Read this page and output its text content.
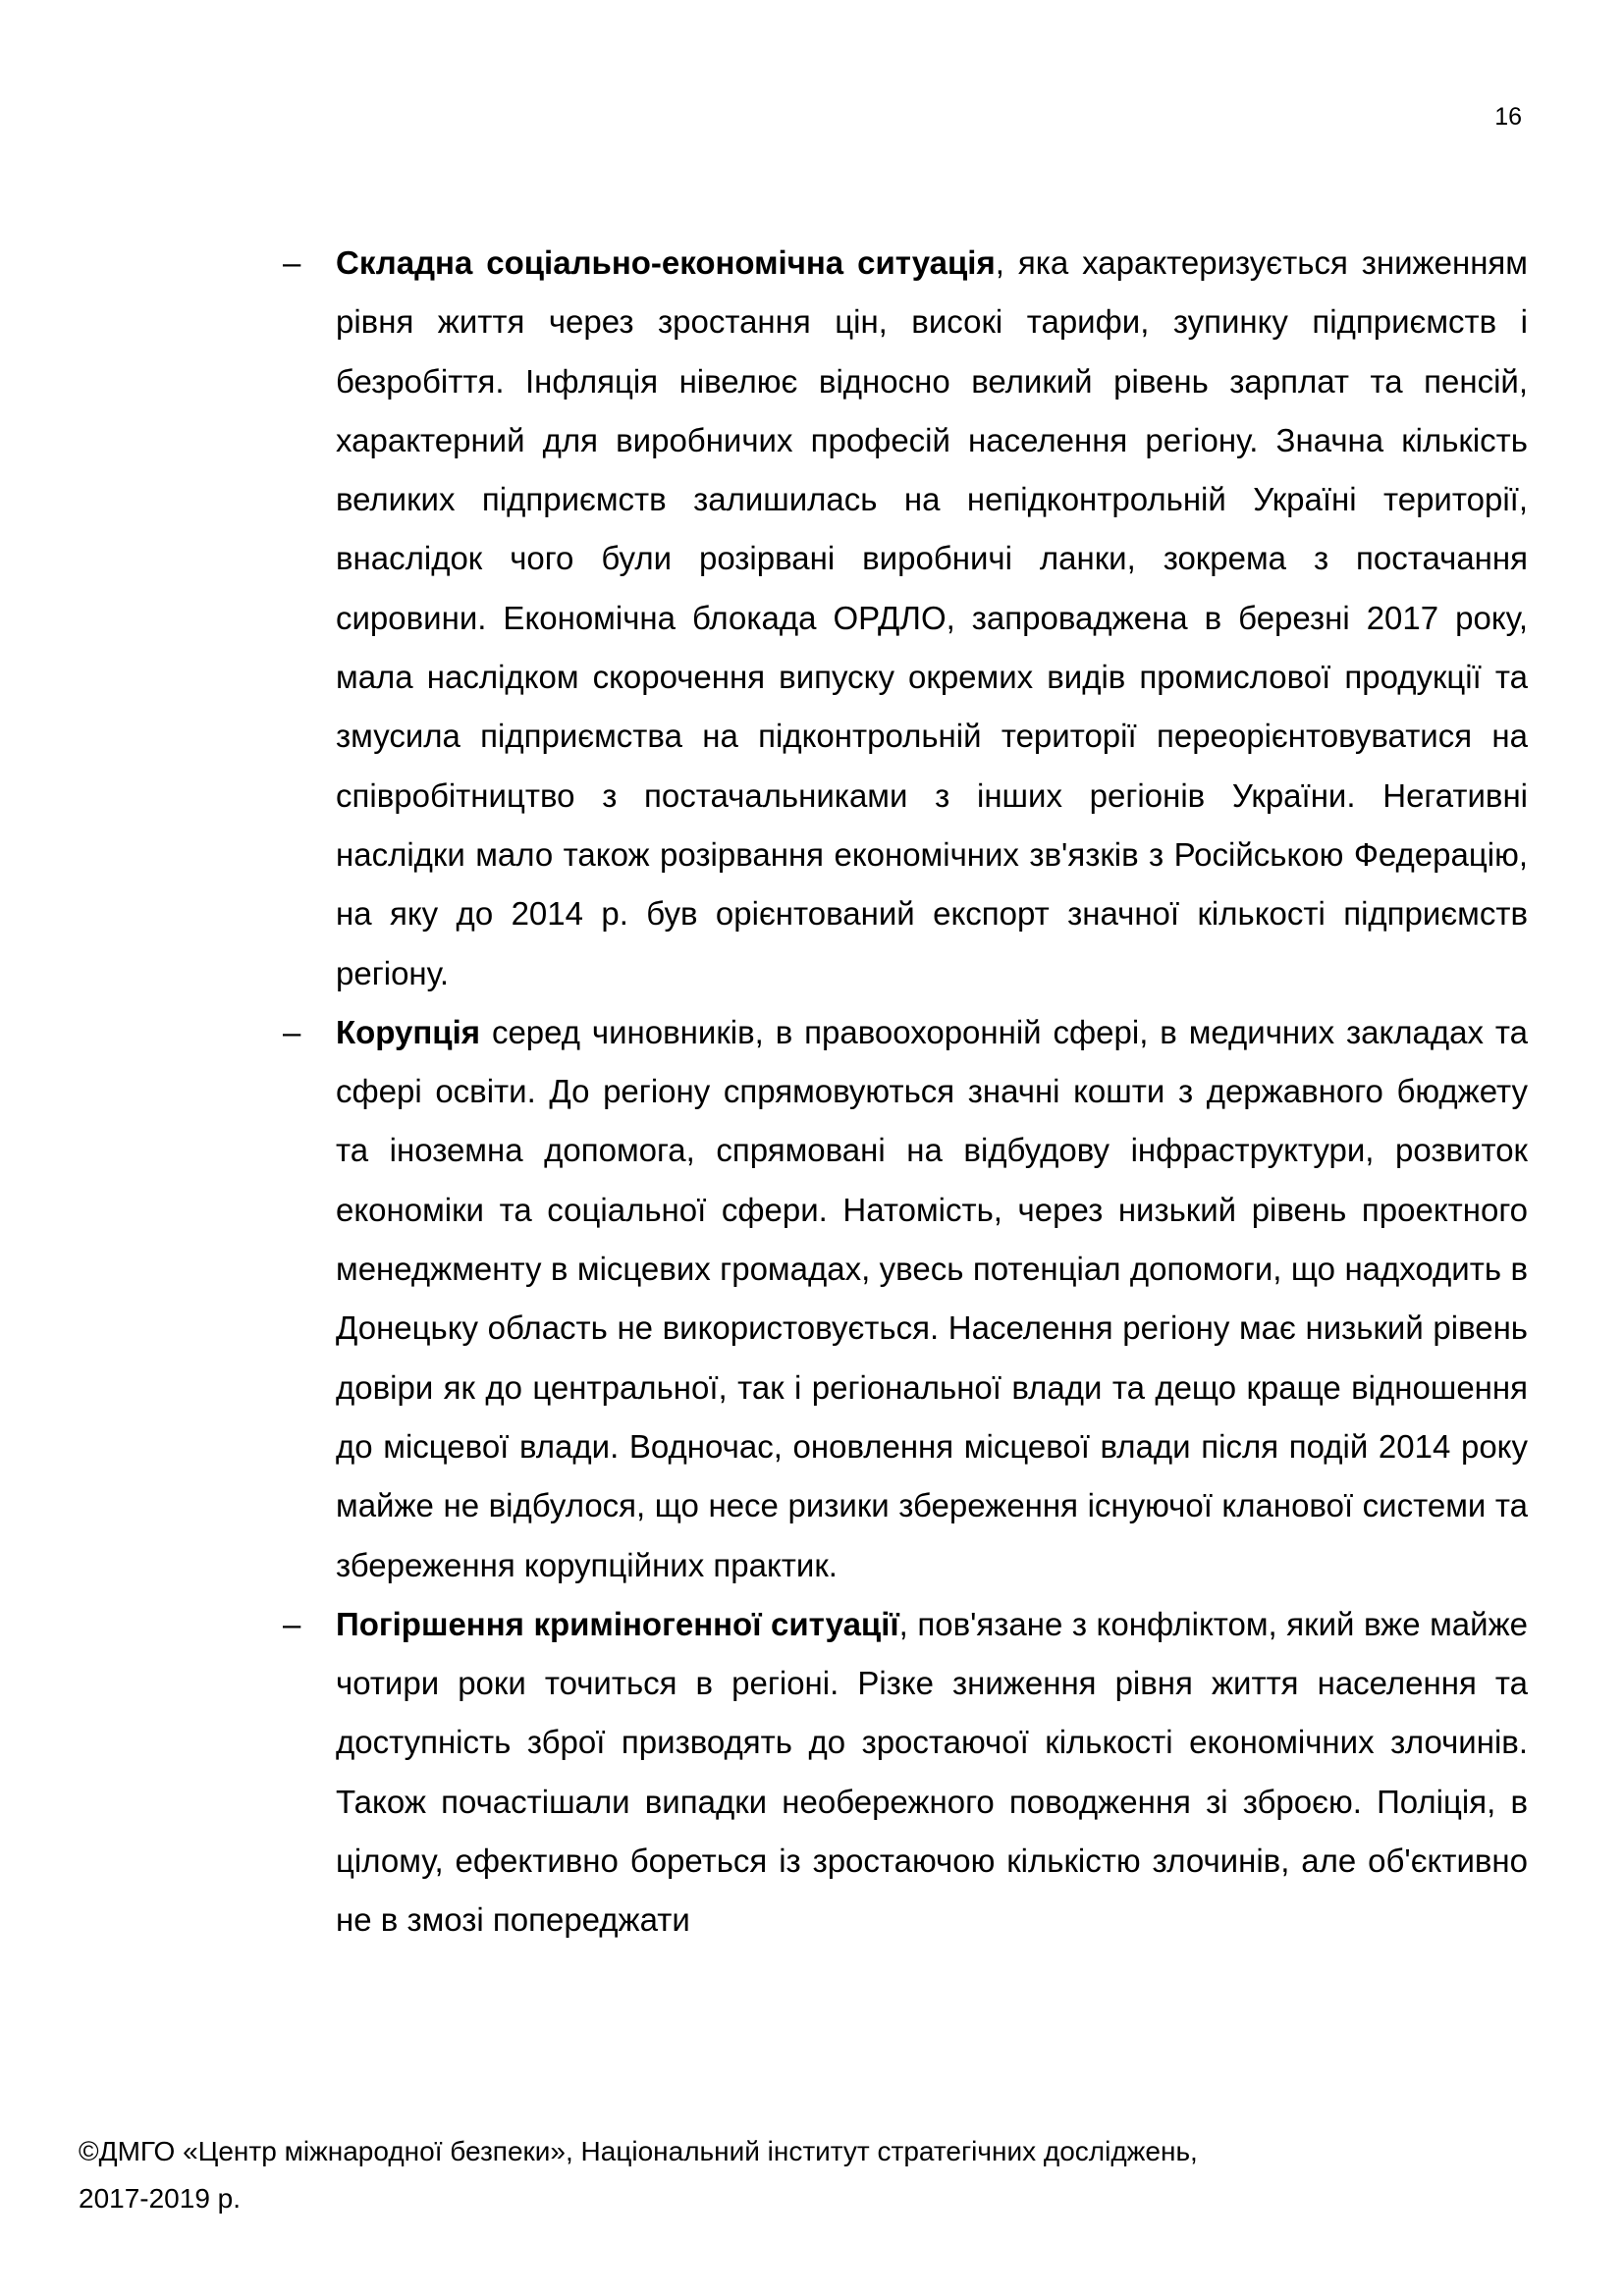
16
– Складна соціально-економічна ситуація, яка характеризується зниженням рівня життя через зростання цін, високі тарифи, зупинку підприємств і безробіття. Інфляція нівелює відносно великий рівень зарплат та пенсій, характерний для виробничих професій населення регіону. Значна кількість великих підприємств залишилась на непідконтрольній Україні території, внаслідок чого були розірвані виробничі ланки, зокрема з постачання сировини. Економічна блокада ОРДЛО, запроваджена в березні 2017 року, мала наслідком скорочення випуску окремих видів промислової продукції та змусила підприємства на підконтрольній території переорієнтовуватися на співробітництво з постачальниками з інших регіонів України. Негативні наслідки мало також розірвання економічних зв'язків з Російською Федерацію, на яку до 2014 р. був орієнтований експорт значної кількості підприємств регіону.
– Корупція серед чиновників, в правоохоронній сфері, в медичних закладах та сфері освіти. До регіону спрямовуються значні кошти з державного бюджету та іноземна допомога, спрямовані на відбудову інфраструктури, розвиток економіки та соціальної сфери. Натомість, через низький рівень проектного менеджменту в місцевих громадах, увесь потенціал допомоги, що надходить в Донецьку область не використовується. Населення регіону має низький рівень довіри як до центральної, так і регіональної влади та дещо краще відношення до місцевої влади. Водночас, оновлення місцевої влади після подій 2014 року майже не відбулося, що несе ризики збереження існуючої кланової системи та збереження корупційних практик.
– Погіршення криміногенної ситуації, пов'язане з конфліктом, який вже майже чотири роки точиться в регіоні. Різке зниження рівня життя населення та доступність зброї призводять до зростаючої кількості економічних злочинів. Також почастішали випадки необережного поводження зі зброєю. Поліція, в цілому, ефективно бореться із зростаючою кількістю злочинів, але об'єктивно не в змозі попереджати
©ДМГО «Центр міжнародної безпеки», Національний інститут стратегічних досліджень,
2017-2019 р.
